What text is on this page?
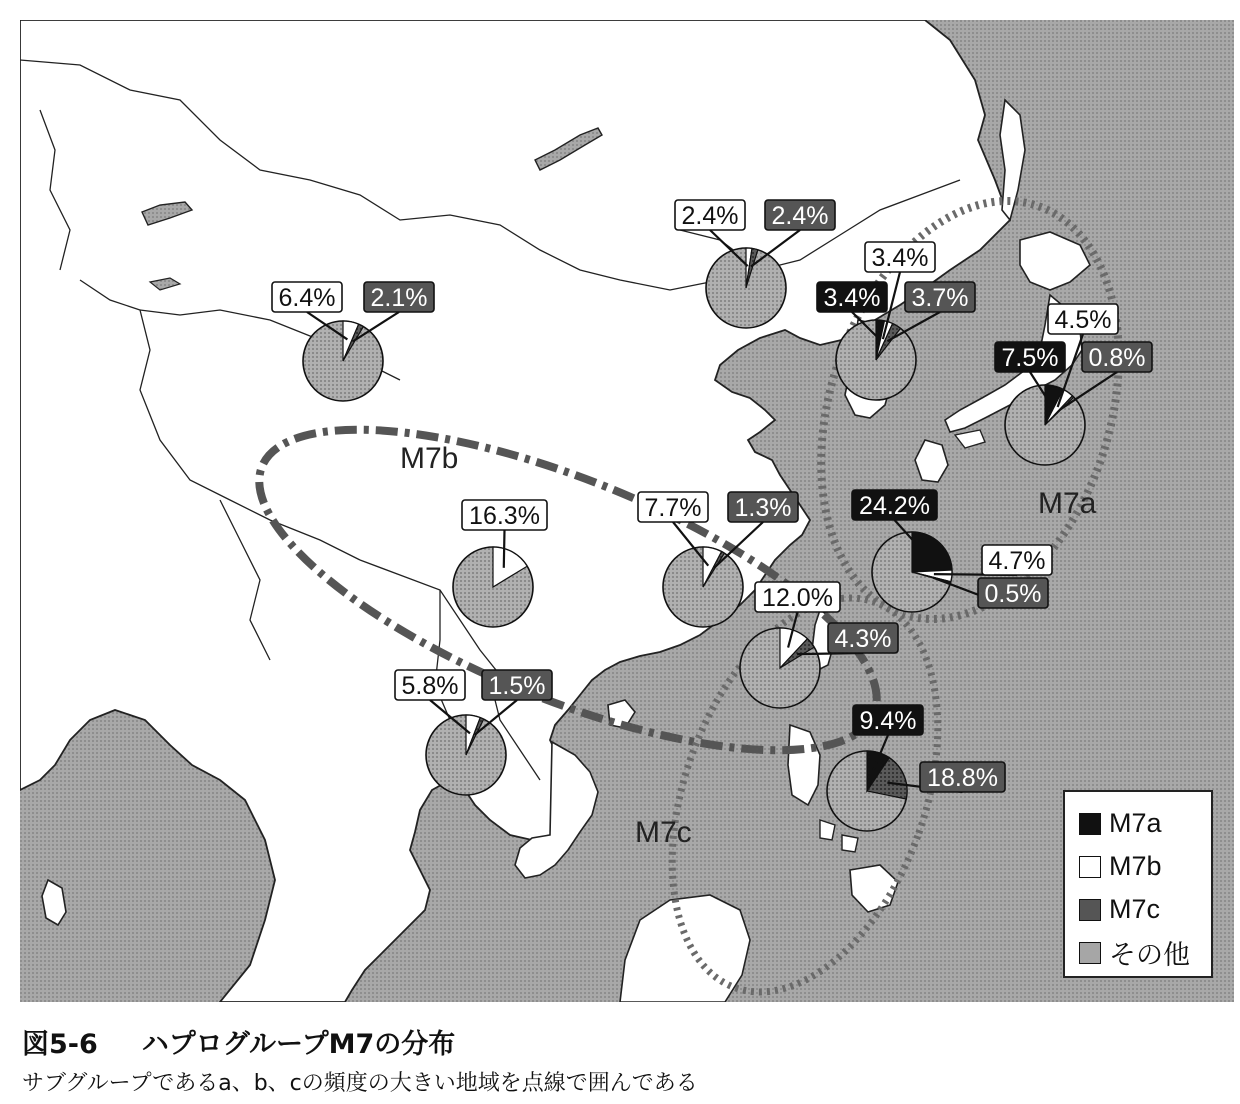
6.4% 2.1%
2.4% 2.4%
3.4%
3.4%
3.7%
7.5%
4.5%
0.8%
16.3%	7.7% 1.3%	24.2%
4.7%
0.5%
12.0%
4.3%
5.8% 1.5%
9.4%
18.8%
M7b
M7a
M7c	M7a
M7b
M7c
その他
図5-6 ハプログループM7の分布
サブグループであるa、b、cの頻度の大きい地域を点線で囲んである
